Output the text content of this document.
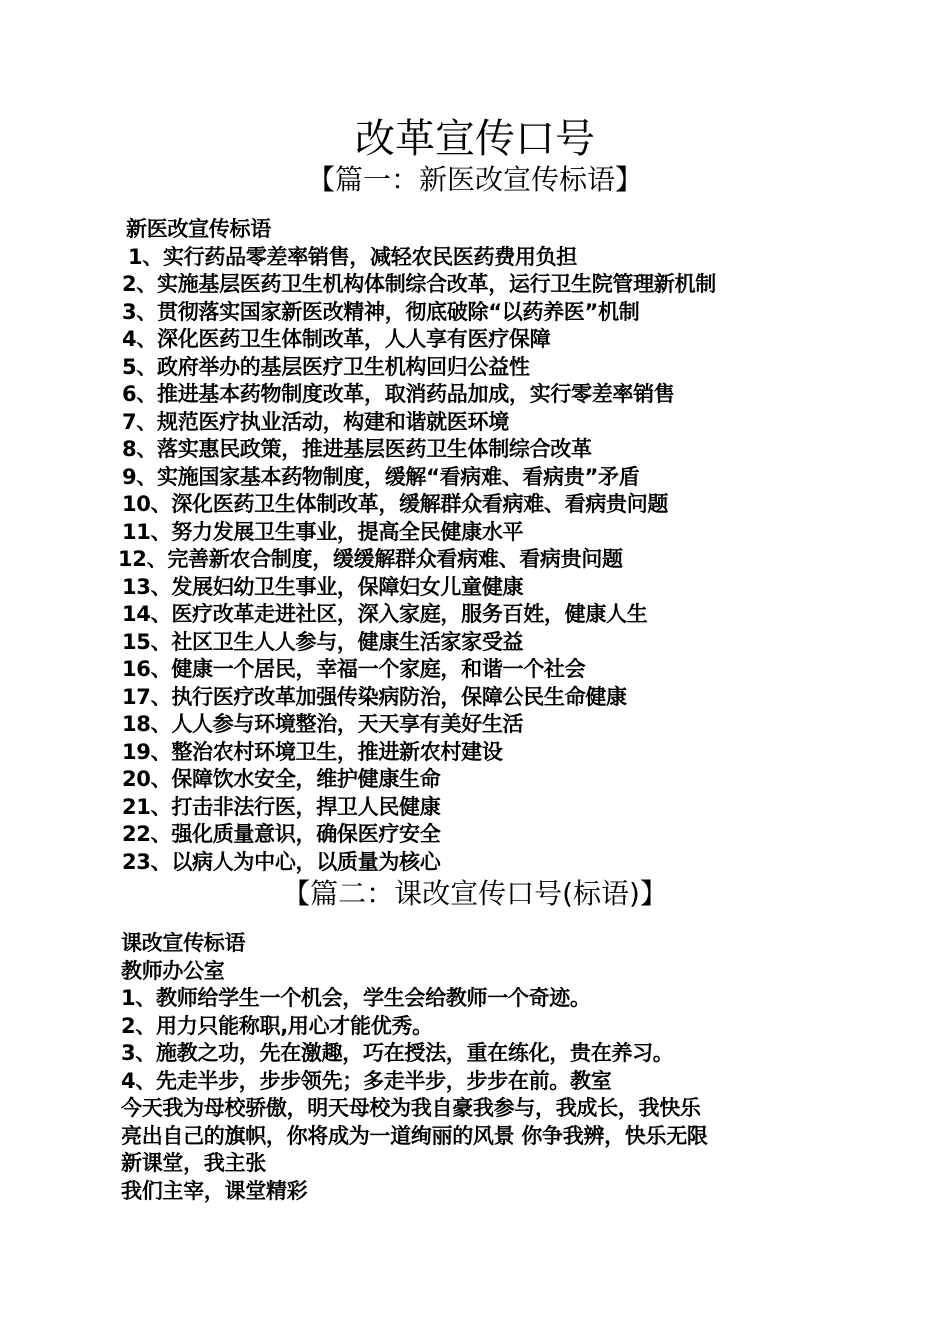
改革宣传口号
【篇一：新医改宣传标语】
新医改宣传标语
1、实行药品零差率销售，减轻农民医药费用负担
2、实施基层医药卫生机构体制综合改革，运行卫生院管理新机制
3、贯彻落实国家新医改精神，彻底破除“以药养医”机制
4、深化医药卫生体制改革，人人享有医疗保障
5、政府举办的基层医疗卫生机构回归公益性
6、推进基本药物制度改革，取消药品加成，实行零差率销售
7、规范医疗执业活动，构建和谐就医环境
8、落实惠民政策，推进基层医药卫生体制综合改革
9、实施国家基本药物制度，缓解“看病难、看病贵”矛盾
10、深化医药卫生体制改革，缓解群众看病难、看病贵问题
11、努力发展卫生事业，提高全民健康水平
12、完善新农合制度，缓缓解群众看病难、看病贵问题
13、发展妇幼卫生事业，保障妇女儿童健康
14、医疗改革走进社区，深入家庭，服务百姓，健康人生
15、社区卫生人人参与，健康生活家家受益
16、健康一个居民，幸福一个家庭，和谐一个社会
17、执行医疗改革加强传染病防治，保障公民生命健康
18、人人参与环境整治，天天享有美好生活
19、整治农村环境卫生，推进新农村建设
20、保障饮水安全，维护健康生命
21、打击非法行医，捍卫人民健康
22、强化质量意识，确保医疗安全
23、以病人为中心，以质量为核心
【篇二：课改宣传口号(标语)】
课改宣传标语
教师办公室
1、教师给学生一个机会，学生会给教师一个奇迹。
2、用力只能称职,用心才能优秀。
3、施教之功，先在激趣，巧在授法，重在练化，贵在养习。
4、先走半步，步步领先；多走半步，步步在前。教室
今天我为母校骄傲，明天母校为我自豪我参与，我成长，我快乐
亮出自己的旗帜，你将成为一道绚丽的风景 你争我辨，快乐无限
新课堂，我主张
我们主宰，课堂精彩
